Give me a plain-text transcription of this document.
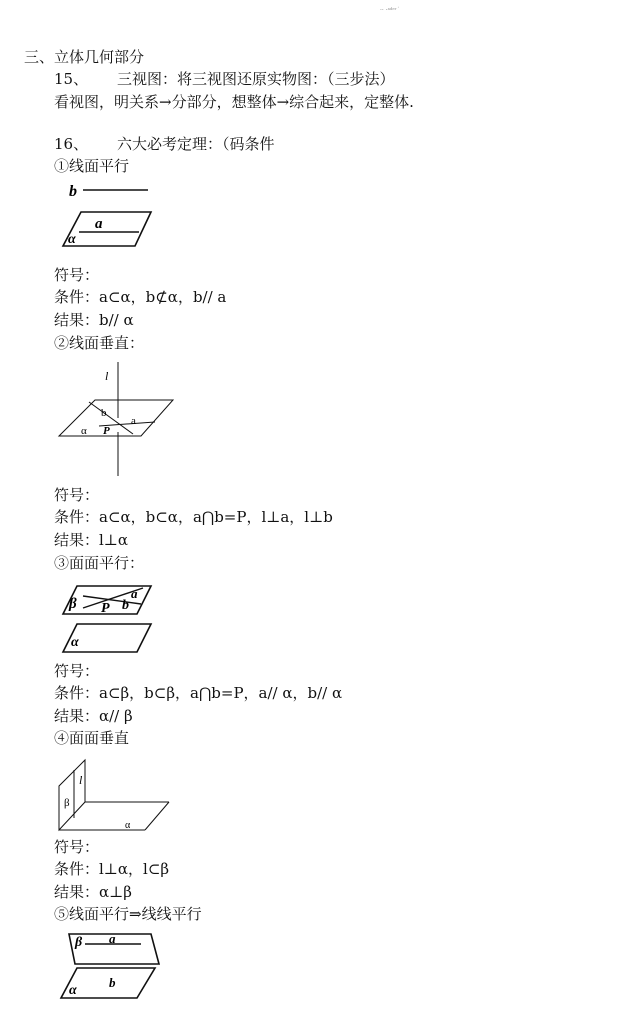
·· ·ᵃᵈᵉʳ˙
三、立体几何部分
15、 三视图：将三视图还原实物图：（三步法）
看视图，明关系→分部分，想整体→综合起来，定整体.
16、 六大必考定理：（码条件
①线面平行
b
a
α
符号：
条件：a⊂α，b⊄α，b// a
结果：b// α
②线面垂直：
l
b
a
α P
符号：
条件：a⊂α，b⊂α，a⋂b=P，l⊥a，l⊥b
结果：l⊥α
③面面平行：
β P b
a
α
符号：
条件：a⊂β，b⊂β，a⋂b=P，a// α，b// α
结果：α// β
④面面垂直
l
β
α
符号：
条件：l⊥α，l⊂β
结果：α⊥β
⑤线面平行⇒线线平行
β a
α
b
